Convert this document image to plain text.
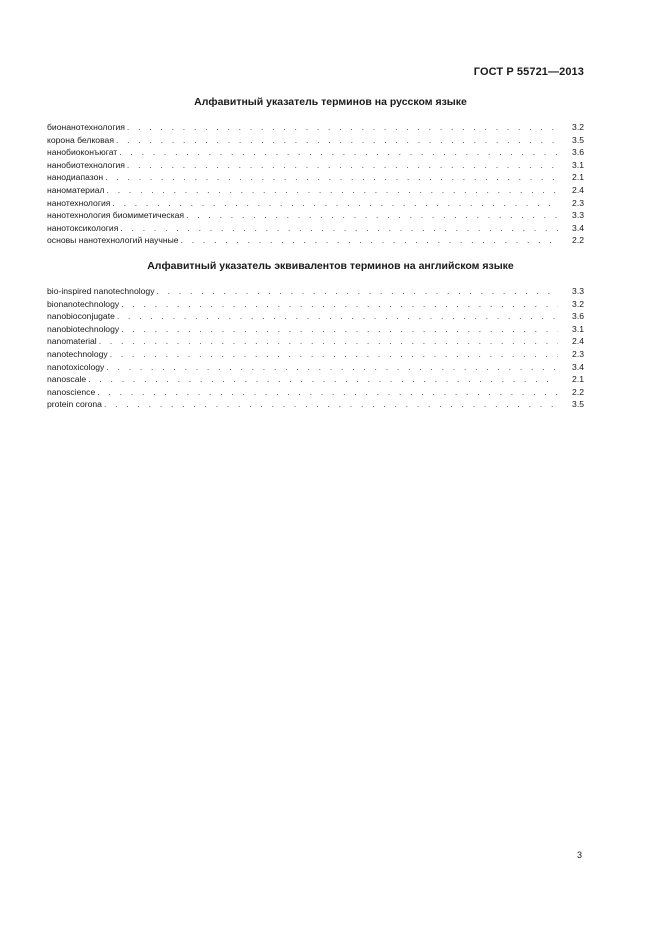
ГОСТ Р 55721—2013
Алфавитный указатель терминов на русском языке
бионанотехнология . . .	3.2
корона белковая . . .	3.5
нанобиоконъюгат . . .	3.6
нанобиотехнология . . .	3.1
нанодиапазон . . .	2.1
наноматериал . . .	2.4
нанотехнология . . .	2.3
нанотехнология биомиметическая . . .	3.3
нанотоксикология . . .	3.4
основы нанотехнологий научные . . .	2.2
Алфавитный указатель эквивалентов терминов на английском языке
bio-inspired nanotechnology . . .	3.3
bionanotechnology . . .	3.2
nanobioconjugate . . .	3.6
nanobiotechnology . . .	3.1
nanomaterial . . .	2.4
nanotechnology . . .	2.3
nanotoxicology . . .	3.4
nanoscale . . .	2.1
nanoscience . . .	2.2
protein corona . . .	3.5
3
